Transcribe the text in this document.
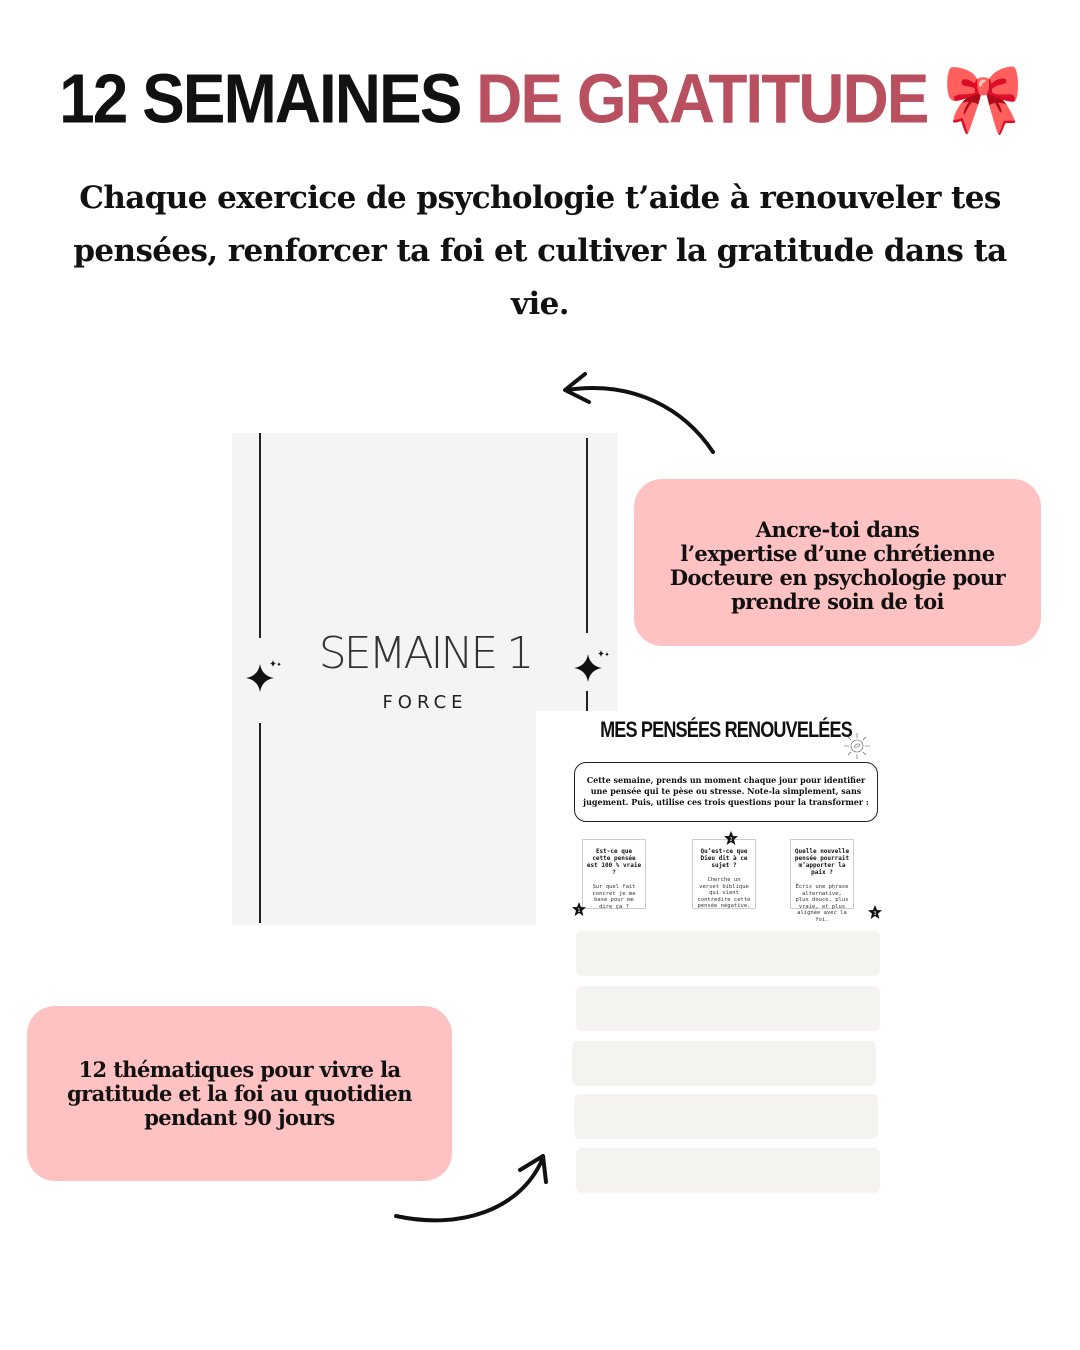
12 SEMAINES DE GRATITUDE 🎀
Chaque exercice de psychologie t’aide à renouveler tes pensées, renforcer ta foi et cultiver la gratitude dans ta vie.
SEMAINE 1
FORCE
MES PENSÉES RENOUVELÉES
Cette semaine, prends un moment chaque jour pour identifier une pensée qui te pèse ou stresse. Note-la simplement, sans jugement. Puis, utilise ces trois questions pour la transformer :
Est-ce que cette pensée est 100 % vraie ?
Sur quel fait concret je me base pour me dire ça ?
Qu’est-ce que Dieu dit à ce sujet ?
Cherche un verset biblique qui vient contredire cette pensée négative.
Quelle nouvelle pensée pourrait m’apporter la paix ?
Écris une phrase alternative, plus douce, plus vraie, et plus alignée avec la foi.
1
2
3
Ancre-toi dans
l’expertise d’une chrétienne
Docteure en psychologie pour
prendre soin de toi
12 thématiques pour vivre la
gratitude et la foi au quotidien
pendant 90 jours
